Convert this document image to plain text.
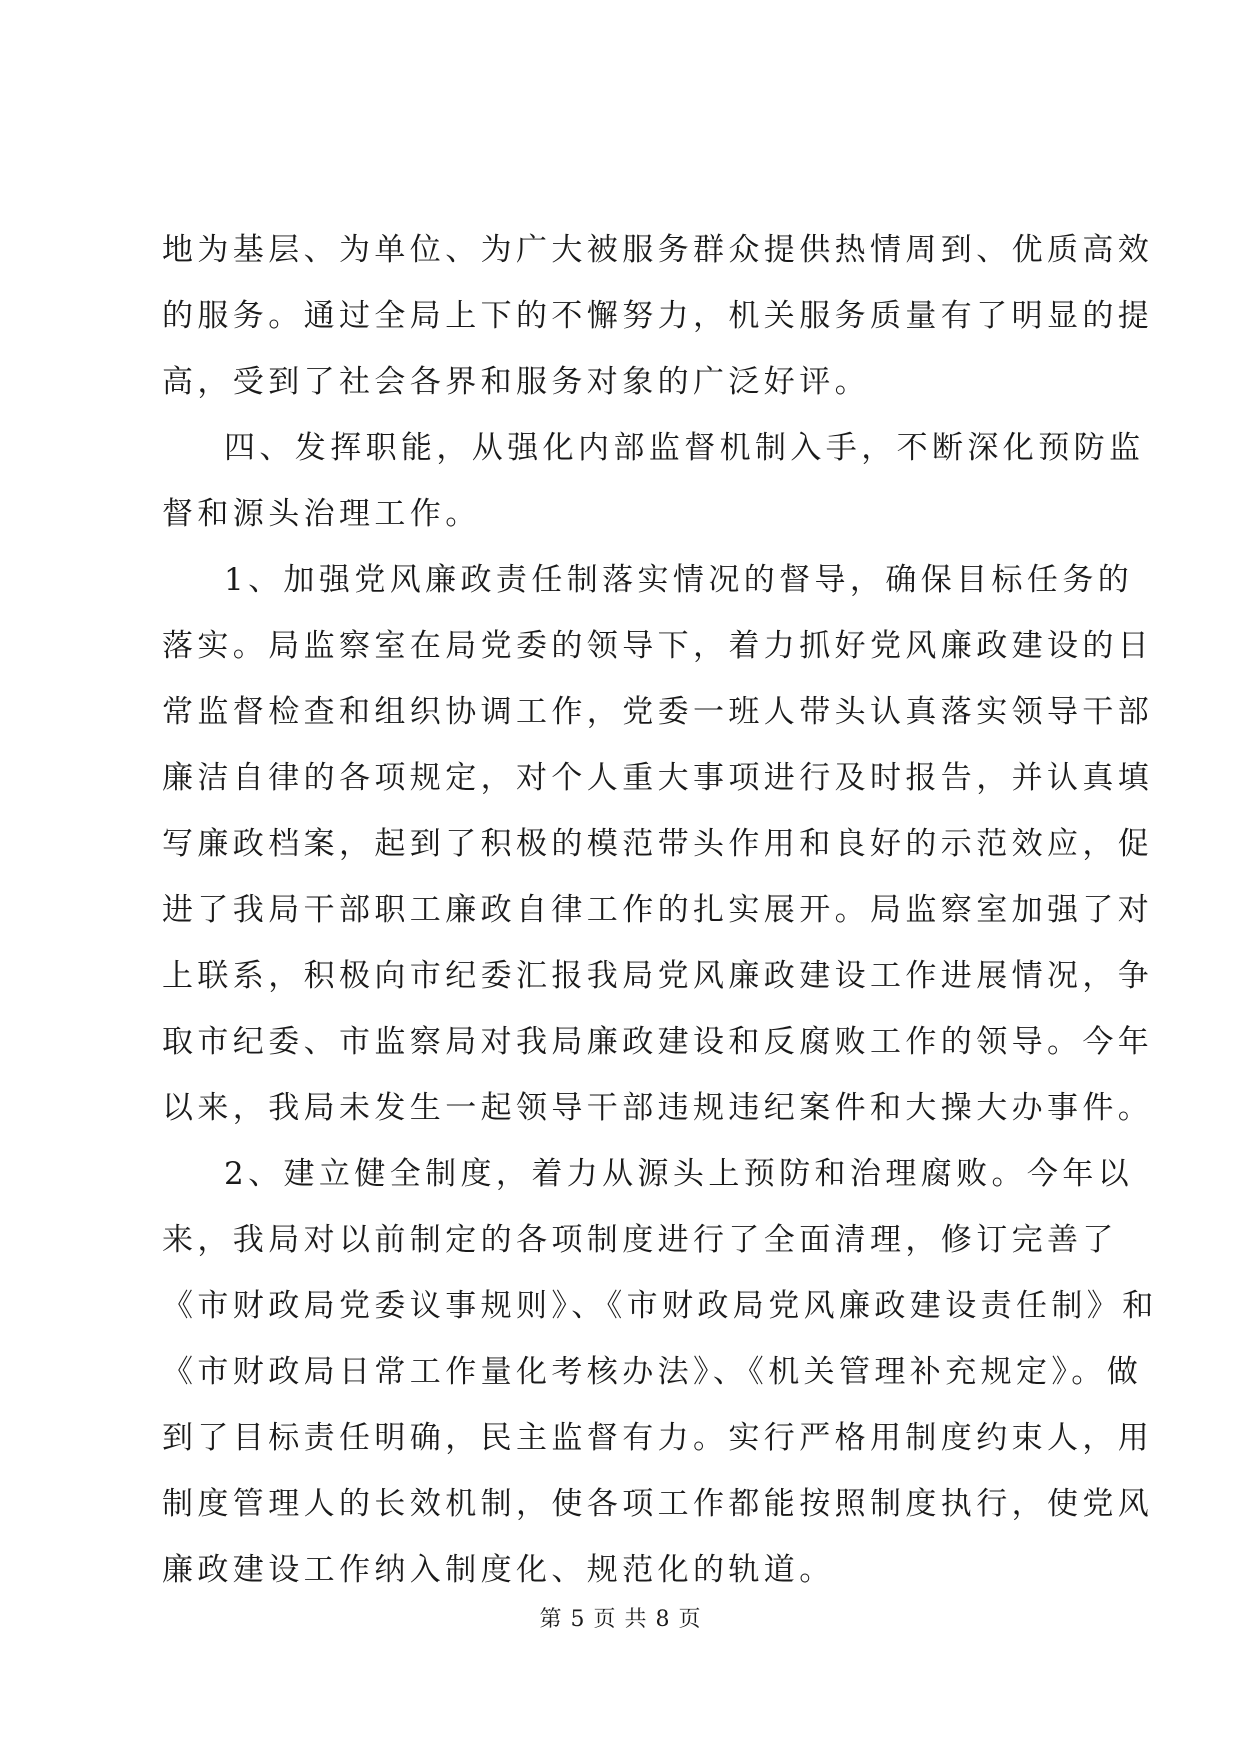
地为基层、为单位、为广大被服务群众提供热情周到、优质高效
的服务。通过全局上下的不懈努力，机关服务质量有了明显的提
高，受到了社会各界和服务对象的广泛好评。
四、发挥职能，从强化内部监督机制入手，不断深化预防监
督和源头治理工作。
1、加强党风廉政责任制落实情况的督导，确保目标任务的
落实。局监察室在局党委的领导下，着力抓好党风廉政建设的日
常监督检查和组织协调工作，党委一班人带头认真落实领导干部
廉洁自律的各项规定，对个人重大事项进行及时报告，并认真填
写廉政档案，起到了积极的模范带头作用和良好的示范效应，促
进了我局干部职工廉政自律工作的扎实展开。局监察室加强了对
上联系，积极向市纪委汇报我局党风廉政建设工作进展情况，争
取市纪委、市监察局对我局廉政建设和反腐败工作的领导。今年
以来，我局未发生一起领导干部违规违纪案件和大操大办事件。
2、建立健全制度，着力从源头上预防和治理腐败。今年以
来，我局对以前制定的各项制度进行了全面清理，修订完善了
《市财政局党委议事规则》、《市财政局党风廉政建设责任制》和
《市财政局日常工作量化考核办法》、《机关管理补充规定》。做
到了目标责任明确，民主监督有力。实行严格用制度约束人，用
制度管理人的长效机制，使各项工作都能按照制度执行，使党风
廉政建设工作纳入制度化、规范化的轨道。
第 5 页 共 8 页
